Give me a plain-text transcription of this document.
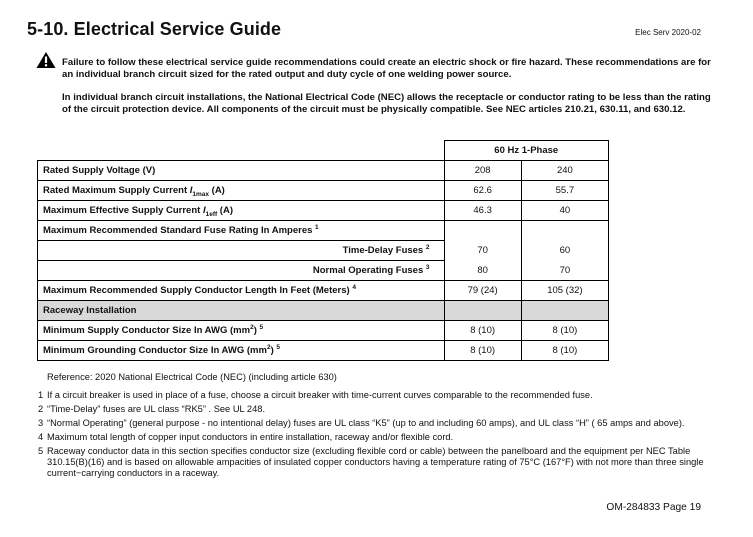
5-10. Electrical Service Guide	Elec Serv 2020-02
Failure to follow these electrical service guide recommendations could create an electric shock or fire hazard. These recommendations are for an individual branch circuit sized for the rated output and duty cycle of one welding power source.
In individual branch circuit installations, the National Electrical Code (NEC) allows the receptacle or conductor rating to be less than the rating of the circuit protection device. All components of the circuit must be physically compatible. See NEC articles 210.21, 630.11, and 630.12.
	60 Hz 1-Phase	
Rated Supply Voltage (V)	208	240
Rated Maximum Supply Current $I_{1max}$ (A)	62.6	55.7
Maximum Effective Supply Current $I_{1eff}$ (A)	46.3	40
Maximum Recommended Standard Fuse Rating In Amperes $^1$		
Time-Delay Fuses $^2$	70	60
Normal Operating Fuses $^3$	80	70
Maximum Recommended Supply Conductor Length In Feet (Meters) $^4$	79 (24)	105 (32)
Raceway Installation		
Minimum Supply Conductor Size In AWG $(mm^2)$ $^5$	8 (10)	8 (10)
Minimum Grounding Conductor Size In AWG $(mm^2)$ $^5$	8 (10)	8 (10)
Reference: 2020 National Electrical Code (NEC) (including article 630)
1 If a circuit breaker is used in place of a fuse, choose a circuit breaker with time-current curves comparable to the recommended fuse.
2 “Time-Delay” fuses are UL class “RK5” . See UL 248.
3 “Normal Operating” (general purpose - no intentional delay) fuses are UL class “K5” (up to and including 60 amps), and UL class “H” ( 65 amps and above).
4 Maximum total length of copper input conductors in entire installation, raceway and/or flexible cord.
5 Raceway conductor data in this section specifies conductor size (excluding flexible cord or cable) between the panelboard and the equipment per NEC Table 310.15(B)(16) and is based on allowable ampacities of insulated copper conductors having a temperature rating of 75°C (167°F) with not more than three single current−carrying conductors in a raceway.
OM-284833 Page 19
